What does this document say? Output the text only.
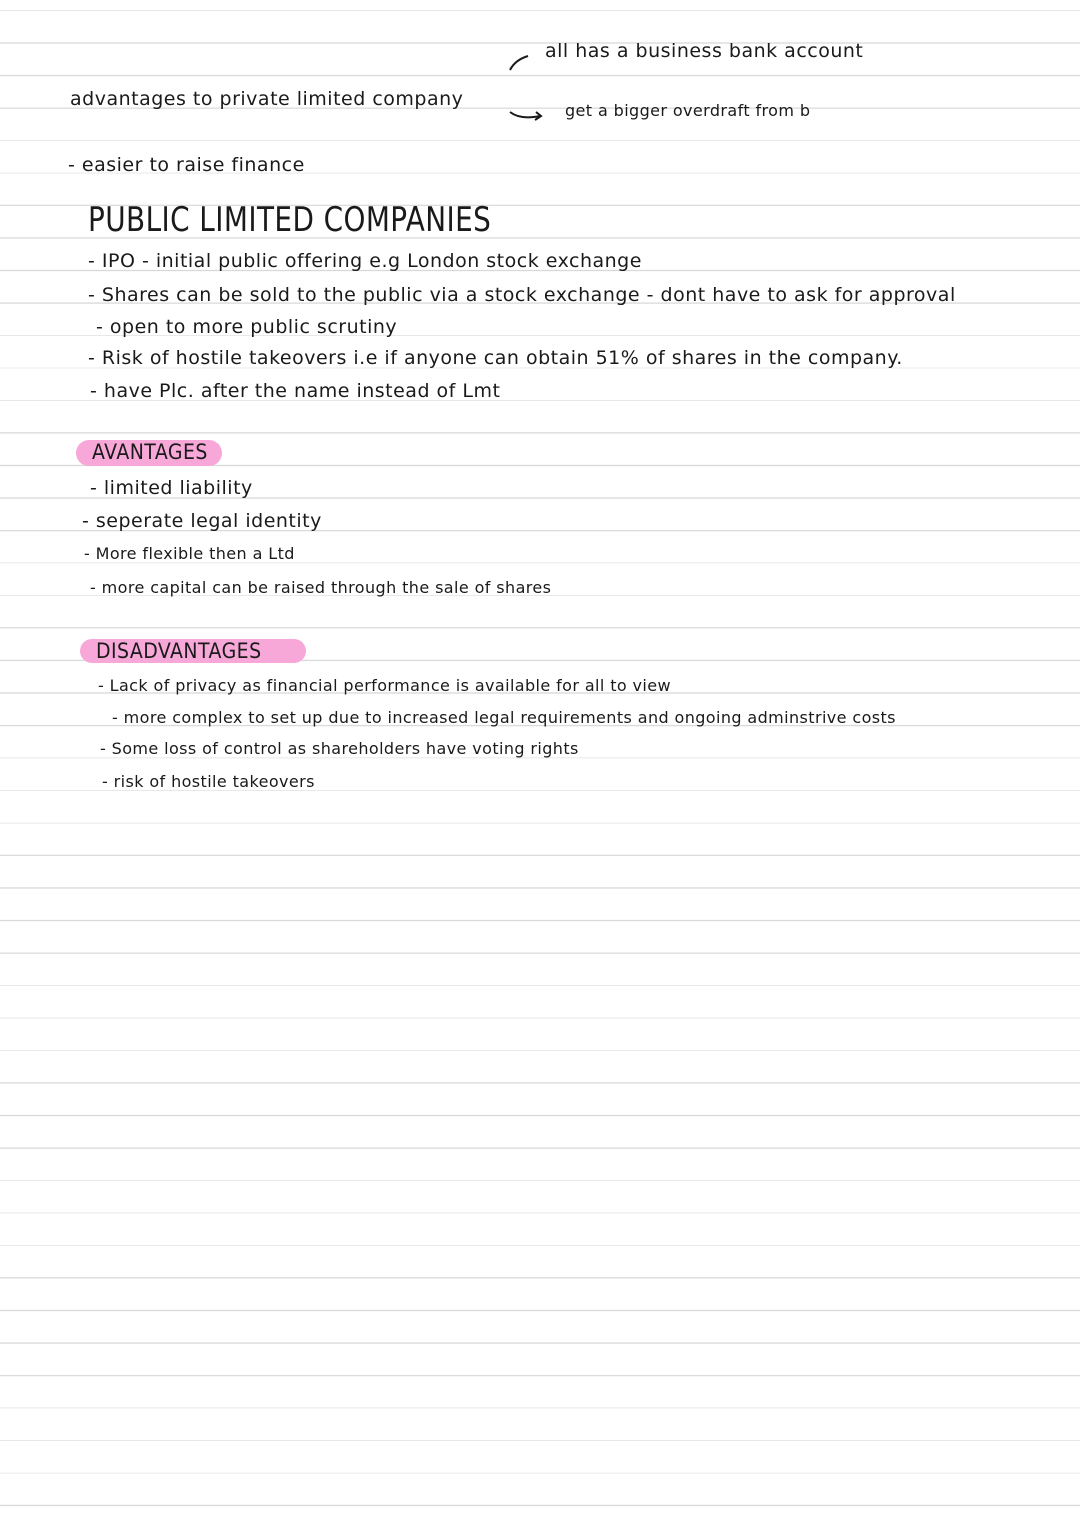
advantages to private limited company
all has a business bank account
get a bigger overdraft from b
- easier to raise finance
PUBLIC LIMITED COMPANIES
- IPO - initial public offering e.g London stock exchange
- Shares can be sold to the public via a stock exchange - dont have to ask for approval
- open to more public scrutiny
- Risk of hostile takeovers i.e if anyone can obtain 51% of shares in the company.
- have Plc. after the name instead of Lmt
AVANTAGES
- limited liability
- seperate legal identity
- More flexible then a Ltd
- more capital can be raised through the sale of shares
DISADVANTAGES
- Lack of privacy as financial performance is available for all to view
- more complex to set up due to increased legal requirements and ongoing adminstrive costs
- Some loss of control as shareholders have voting rights
- risk of hostile takeovers
